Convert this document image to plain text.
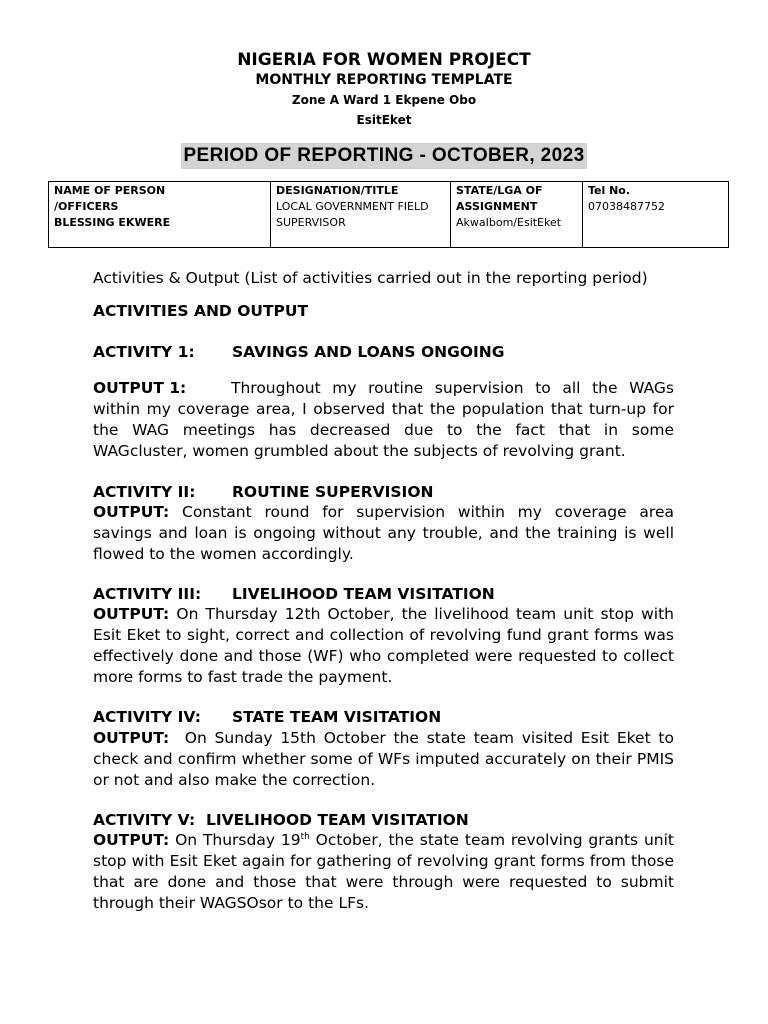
NIGERIA FOR WOMEN PROJECT
MONTHLY REPORTING TEMPLATE
Zone A Ward 1 Ekpene Obo
EsitEket
PERIOD OF REPORTING - OCTOBER, 2023
NAME OF PERSON
/OFFICERS
BLESSING EKWERE

DESIGNATION/TITLE
LOCAL GOVERNMENT FIELD
SUPERVISOR

STATE/LGA OF
ASSIGNMENT
AkwaIbom/EsitEket

Tel No.
07038487752
Activities & Output (List of activities carried out in the reporting period)
ACTIVITIES AND OUTPUT
ACTIVITY 1: SAVINGS AND LOANS ONGOING
OUTPUT 1:	Throughout my routine supervision to all the WAGs within my coverage area, I observed that the population that turn-up for the WAG meetings has decreased due to the fact that in some WAGcluster, women grumbled about the subjects of revolving grant.
ACTIVITY II: ROUTINE SUPERVISION
OUTPUT: Constant round for supervision within my coverage area savings and loan is ongoing without any trouble, and the training is well flowed to the women accordingly.
ACTIVITY III: LIVELIHOOD TEAM VISITATION
OUTPUT: On Thursday 12th October, the livelihood team unit stop with Esit Eket to sight, correct and collection of revolving fund grant forms was effectively done and those (WF) who completed were requested to collect more forms to fast trade the payment.
ACTIVITY IV: STATE TEAM VISITATION
OUTPUT: On Sunday 15th October the state team visited Esit Eket to check and confirm whether some of WFs imputed accurately on their PMIS or not and also make the correction.
ACTIVITY V:  LIVELIHOOD TEAM VISITATION
OUTPUT: On Thursday 19th October, the state team revolving grants unit stop with Esit Eket again for gathering of revolving grant forms from those that are done and those that were through were requested to submit through their WAGSOsor to the LFs.
